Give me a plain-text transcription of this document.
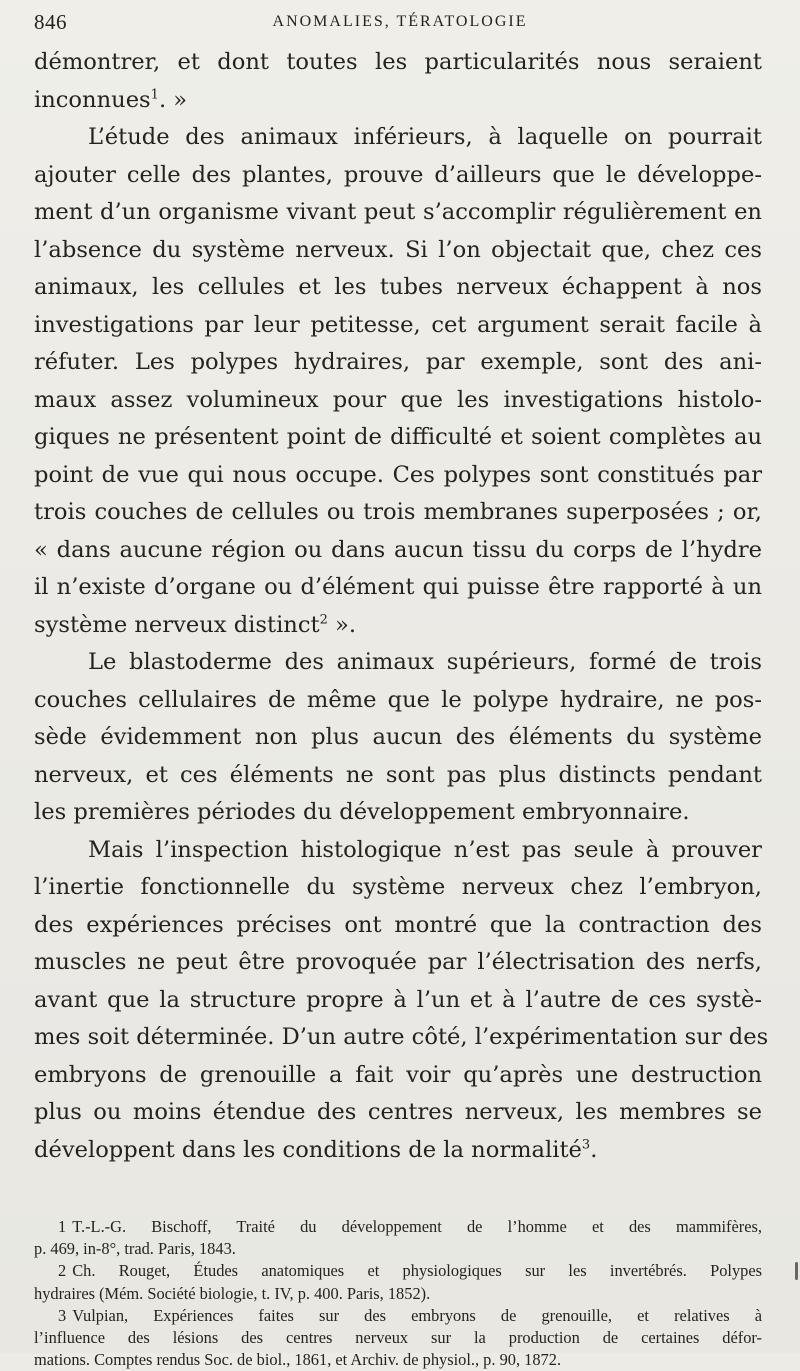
846	ANOMALIES, TÉRATOLOGIE
démontrer, et dont toutes les particularités nous seraient
inconnues$^1$. »
L’étude des animaux inférieurs, à laquelle on pourrait
ajouter celle des plantes, prouve d’ailleurs que le développe-
ment d’un organisme vivant peut s’accomplir régulièrement en
l’absence du système nerveux. Si l’on objectait que, chez ces
animaux, les cellules et les tubes nerveux échappent à nos
investigations par leur petitesse, cet argument serait facile à
réfuter. Les polypes hydraires, par exemple, sont des ani-
maux assez volumineux pour que les investigations histolo-
giques ne présentent point de difficulté et soient complètes au
point de vue qui nous occupe. Ces polypes sont constitués par
trois couches de cellules ou trois membranes superposées ; or,
« dans aucune région ou dans aucun tissu du corps de l’hydre
il n’existe d’organe ou d’élément qui puisse être rapporté à un
système nerveux distinct$^2$ ».
Le blastoderme des animaux supérieurs, formé de trois
couches cellulaires de même que le polype hydraire, ne pos-
sède évidemment non plus aucun des éléments du système
nerveux, et ces éléments ne sont pas plus distincts pendant
les premières périodes du développement embryonnaire.
Mais l’inspection histologique n’est pas seule à prouver
l’inertie fonctionnelle du système nerveux chez l’embryon,
des expériences précises ont montré que la contraction des
muscles ne peut être provoquée par l’électrisation des nerfs,
avant que la structure propre à l’un et à l’autre de ces systè-
mes soit déterminée. D’un autre côté, l’expérimentation sur des
embryons de grenouille a fait voir qu’après une destruction
plus ou moins étendue des centres nerveux, les membres se
développent dans les conditions de la normalité$^3$.
1 T.-L.-G. Bischoff, Traité du développement de l’homme et des mammifères,
p. 469, in-8°, trad. Paris, 1843.
2 Ch. Rouget, Études anatomiques et physiologiques sur les invertébrés. Polypes
hydraires (Mém. Société biologie, t. IV, p. 400. Paris, 1852).
3 Vulpian, Expériences faites sur des embryons de grenouille, et relatives à
l’influence des lésions des centres nerveux sur la production de certaines défor-
mations. Comptes rendus Soc. de biol., 1861, et Archiv. de physiol., p. 90, 1872.
